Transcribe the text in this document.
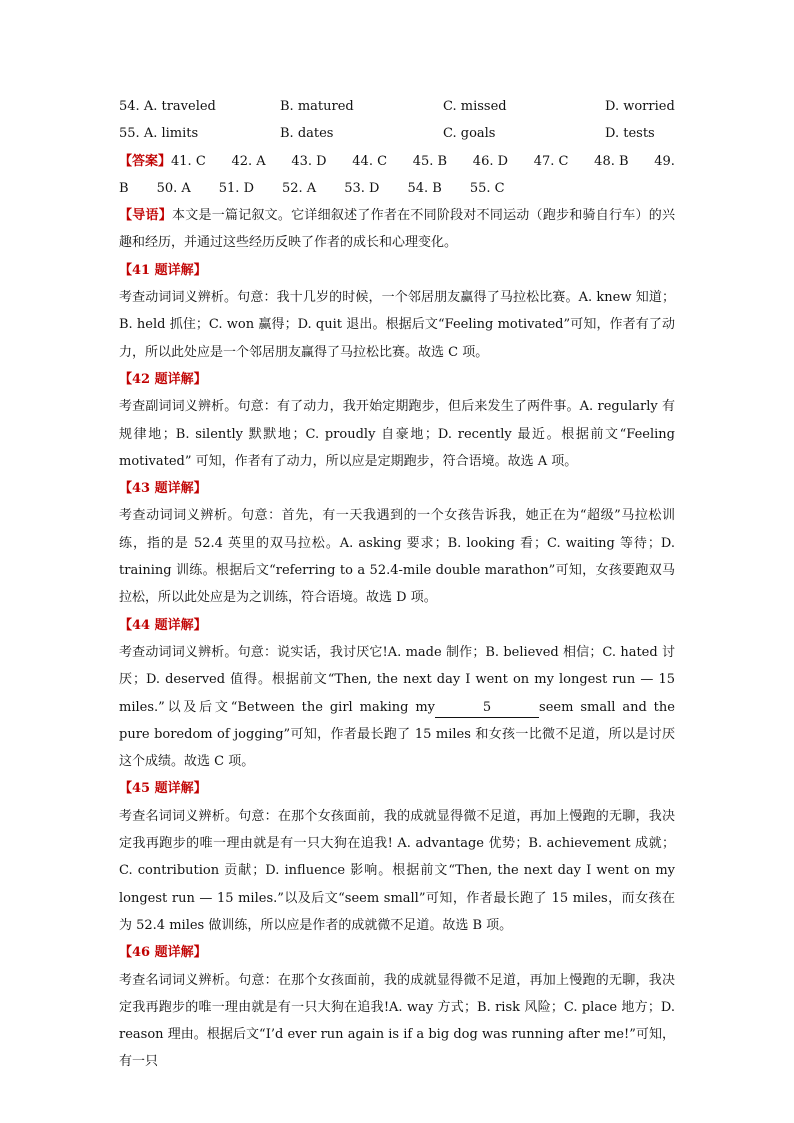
54. A. traveled	B. matured	C. missed	D. worried
55. A. limits	B. dates	C. goals	D. tests
【答案】41. C 42. A 43. D 44. C 45. B 46. D 47. C 48. B 49.
B 50. A 51. D 52. A 53. D 54. B 55. C

【导语】本文是一篇记叙文。它详细叙述了作者在不同阶段对不同运动（跑步和骑自行车）的兴趣和经历，并通过这些经历反映了作者的成长和心理变化。

【41 题详解】

考查动词词义辨析。句意：我十几岁的时候，一个邻居朋友赢得了马拉松比赛。A. knew 知道；B. held 抓住；C. won 赢得；D. quit 退出。根据后文“Feeling motivated”可知，作者有了动力，所以此处应是一个邻居朋友赢得了马拉松比赛。故选 C 项。

【42 题详解】

考查副词词义辨析。句意：有了动力，我开始定期跑步，但后来发生了两件事。A. regularly 有规律地；B. silently 默默地；C. proudly 自豪地；D. recently 最近。根据前文“Feeling motivated” 可知，作者有了动力，所以应是定期跑步，符合语境。故选 A 项。

【43 题详解】

考查动词词义辨析。句意：首先，有一天我遇到的一个女孩告诉我，她正在为“超级”马拉松训练，指的是 52.4 英里的双马拉松。A. asking 要求；B. looking 看；C. waiting 等待；D. training 训练。根据后文“referring to a 52.4-mile double marathon”可知，女孩要跑双马拉松，所以此处应是为之训练，符合语境。故选 D 项。

【44 题详解】

考查动词词义辨析。句意：说实话，我讨厌它!A. made 制作；B. believed 相信；C. hated 讨厌；D. deserved 值得。根据前文“Then, the next day I went on my longest run — 15 miles.”以及后文“Between the girl making my	5	seem small and the pure boredom of jogging”可知，作者最长跑了 15 miles 和女孩一比微不足道，所以是讨厌这个成绩。故选 C 项。

【45 题详解】

考查名词词义辨析。句意：在那个女孩面前，我的成就显得微不足道，再加上慢跑的无聊，我决定我再跑步的唯一理由就是有一只大狗在追我! A. advantage 优势；B. achievement 成就；C. contribution 贡献；D. influence 影响。根据前文“Then, the next day I went on my longest run — 15 miles.”以及后文“seem small”可知，作者最长跑了 15 miles，而女孩在为 52.4 miles 做训练，所以应是作者的成就微不足道。故选 B 项。

【46 题详解】

考查名词词义辨析。句意：在那个女孩面前，我的成就显得微不足道，再加上慢跑的无聊，我决定我再跑步的唯一理由就是有一只大狗在追我!A. way 方式；B. risk 风险；C. place 地方；D. reason 理由。根据后文“I’d ever run again is if a big dog was running after me!”可知，有一只
